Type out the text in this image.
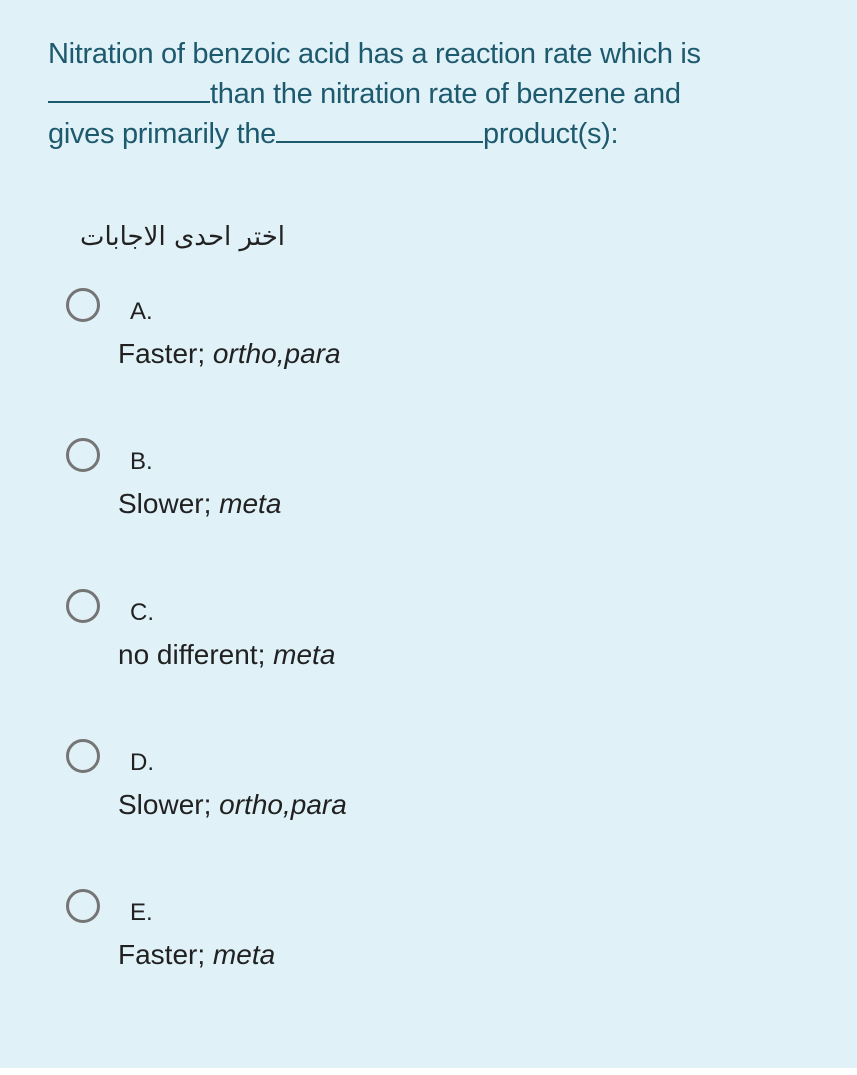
Nitration of benzoic acid has a reaction rate which is
than the nitration rate of benzene and
gives primarily the	product(s):
اختر احدى الاجابات
A.
Faster; ortho,para
B.
Slower; meta
C.
no different; meta
D.
Slower; ortho,para
E.
Faster; meta
